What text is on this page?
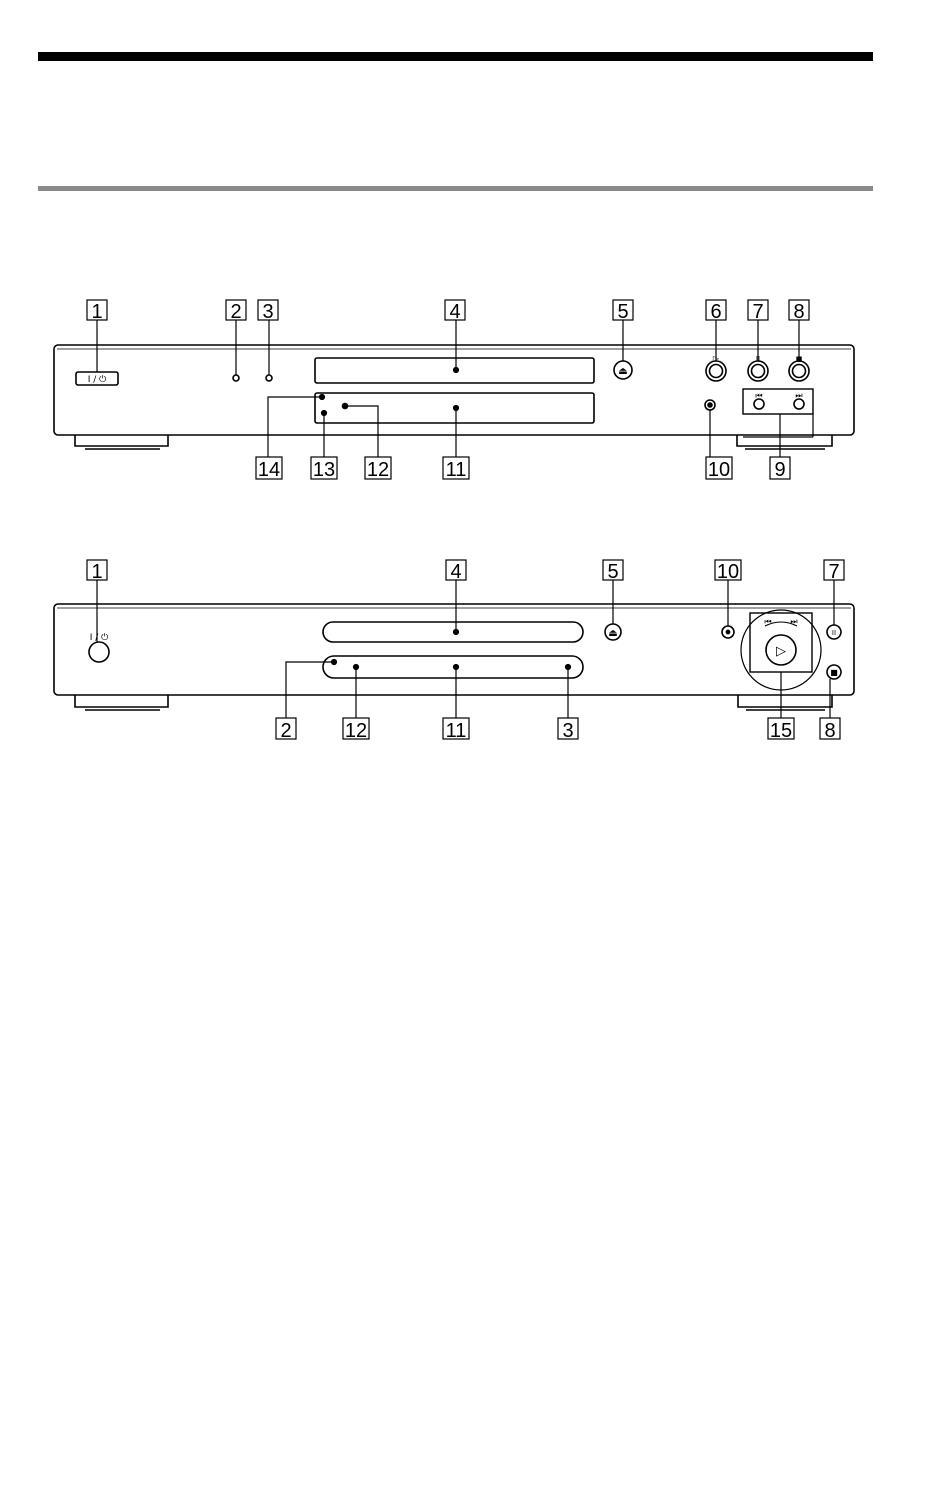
1	2 3	4	5	6 7 8
14 13 12	11	10 9
1	4	5	10	7
2	12	11	3	15 8
I / ⏻
⏏
▷	II	■
⏮	⏭
I / ⏻	⏏
▷
II
■
⏮ ⏭
